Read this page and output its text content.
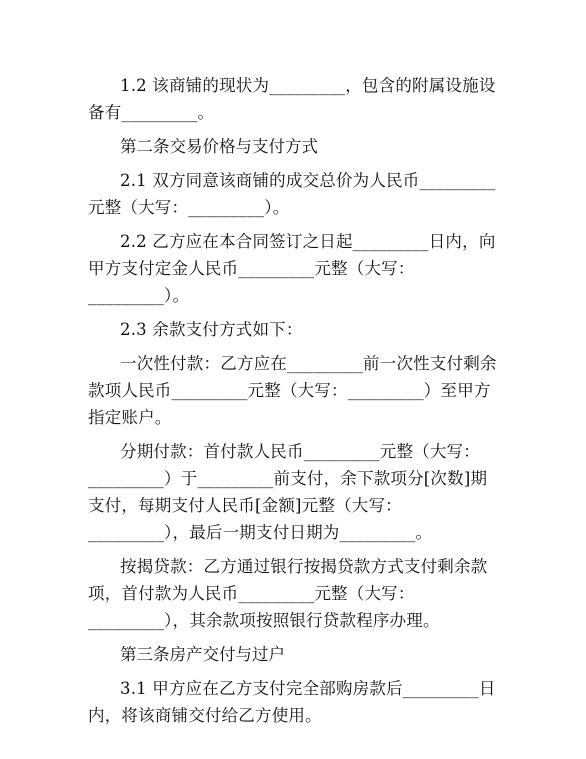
1.2 该商铺的现状为_________，包含的附属设施设备有_________。

第二条交易价格与支付方式

2.1 双方同意该商铺的成交总价为人民币_________元整（大写：_________）。

2.2 乙方应在本合同签订之日起_________日内，向甲方支付定金人民币_________元整（大写：_________）。

2.3 余款支付方式如下：

一次性付款：乙方应在_________前一次性支付剩余款项人民币_________元整（大写：_________）至甲方指定账户。

分期付款：首付款人民币_________元整（大写：_________）于_________前支付，余下款项分[次数]期支付，每期支付人民币[金额]元整（大写：_________），最后一期支付日期为_________。

按揭贷款：乙方通过银行按揭贷款方式支付剩余款项，首付款为人民币_________元整（大写：_________），其余款项按照银行贷款程序办理。

第三条房产交付与过户

3.1 甲方应在乙方支付完全部购房款后_________日内，将该商铺交付给乙方使用。
